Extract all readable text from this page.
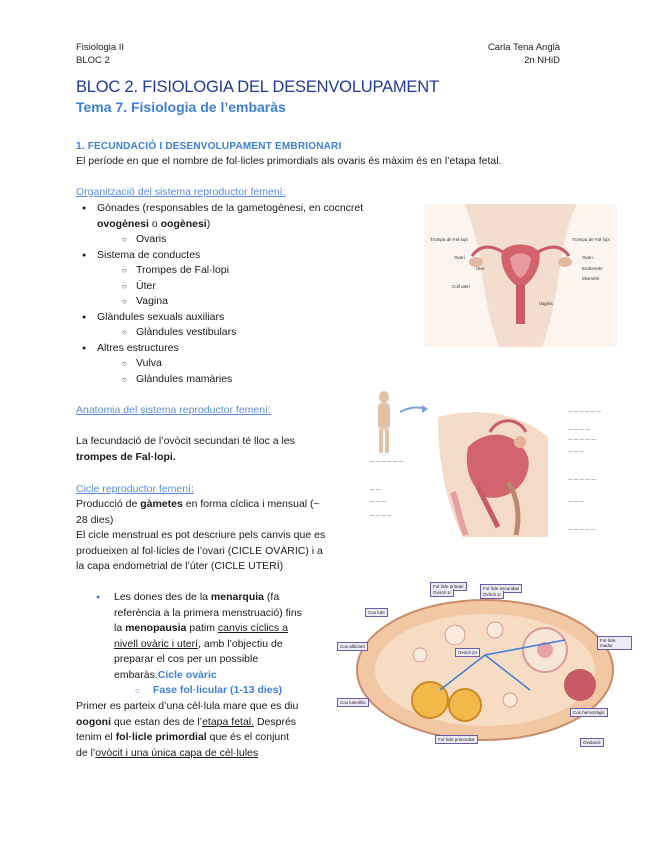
Fisiologia II
BLOC 2
Carla Tena Anglà
2n NHiD
BLOC 2. FISIOLOGIA DEL DESENVOLUPAMENT
Tema 7. Fisiologia de l’embaràs
1. FECUNDACIÓ I DESENVOLUPAMENT EMBRIONARI
El període en que el nombre de fol·licles primordials als ovaris és màxim és en l’etapa fetal.
Organització del sistema reproductor femení:
● Gònades (responsables de la gametogènesi, en cocncret
ovogènesi o oogènesi)
○ Ovaris
● Sistema de conductes
○ Trompes de Fal·lopi
○ Úter
○ Vagina
● Glàndules sexuals auxiliars
○ Glàndules vestibulars
● Altres estructures
○ Vulva
○ Glàndules mamàries
Trompa de Fal·lopi	Trompa de Fal·lopi
Ovari	Ovari
Úter	Endometri
Miometri
Coll uterí
Vagina
Anatomia del sistema reproductor femení:
La fecundació de l’ovòcit secundari té lloc a les
trompes de Fal·lopi.
— — — — — —
— — — —
— — — — —
— — —
— — — — —
— — —
— — — — —
— — — — — —
— —
— — —
— — — —
Cicle reproductor femení:
Producció de gàmetes en forma cíclica i mensual (~
28 dies)
El cicle menstrual es pot descriure pels canvis que es
produeixen al fol·licles de l’ovari (CICLE OVÀRIC) i a
la capa endometrial de l’úter (CICLE UTERÍ)
● Les dones des de la menarquia (fa
referència a la primera menstruació) fins
la menopausia patim canvis cíclics a
nivell ovàric i uterí, amb l’objectiu de
preparar el cos per un possible
embaràs.Cicle ovàric
○ Fase fol·licular (1-13 dies)
Primer es parteix d’una cèl·lula mare que es diu
oogoni que estan des de l’etapa fetal. Després
tenim el fol·licle primordial que és el conjunt
de l’ovòcit i una única capa de cèl·lules
Fol·licle primari
Ovòcit 1r
Fol·licle secundari
Ovòcit 1r
Cos lutri
Cos albicant
Fol·licle madur
Cos hemorràgic
Ovulació
Ovòcit 2n
Cos luteolític
Fol·licle primordial
